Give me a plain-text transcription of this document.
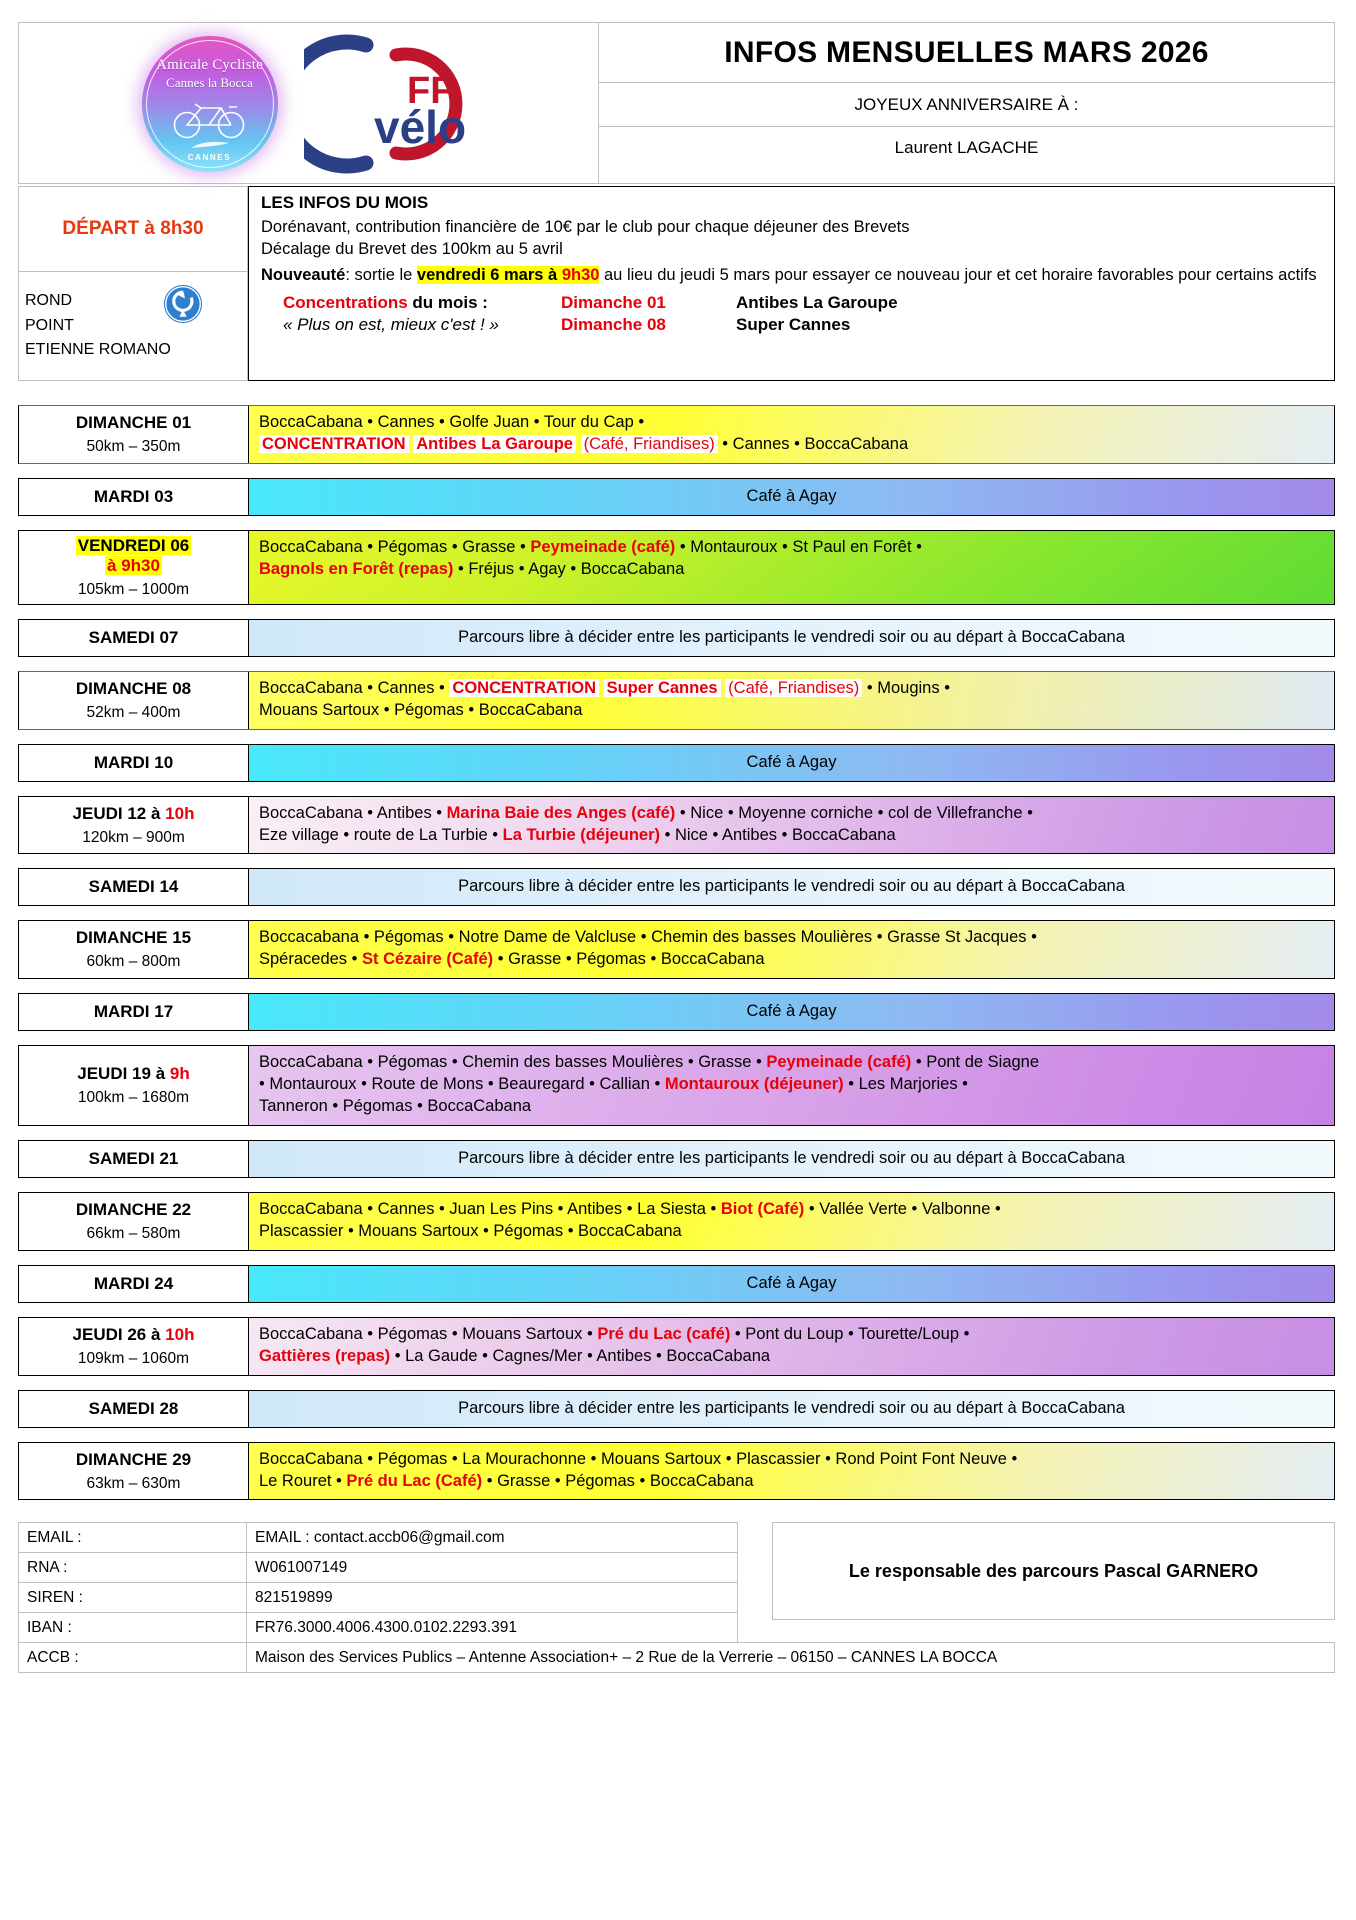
Amicale Cycliste
Cannes la Bocca
CANNES
FF
vélo
INFOS MENSUELLES MARS 2026
JOYEUX ANNIVERSAIRE À :
Laurent LAGACHE
DÉPART à 8h30
ROND
POINT
ETIENNE ROMANO
LES INFOS DU MOIS
Dorénavant, contribution financière de 10€ par le club pour chaque déjeuner des Brevets
Décalage du Brevet des 100km au 5 avril
Nouveauté: sortie le vendredi 6 mars à 9h30 au lieu du jeudi 5 mars pour essayer ce nouveau jour et cet horaire favorables pour certains actifs
Concentrations du mois :	Dimanche 01	Antibes La Garoupe
« Plus on est, mieux c'est ! »	Dimanche 08	Super Cannes
DIMANCHE 01
50km – 350m
BoccaCabana • Cannes • Golfe Juan • Tour du Cap •
CONCENTRATION Antibes La Garoupe (Café, Friandises) • Cannes • BoccaCabana
MARDI 03	Café à Agay
VENDREDI 06
à 9h30
105km – 1000m
BoccaCabana • Pégomas • Grasse • Peymeinade (café) • Montauroux • St Paul en Forêt •
Bagnols en Forêt (repas) • Fréjus • Agay • BoccaCabana
SAMEDI 07	Parcours libre à décider entre les participants le vendredi soir ou au départ à BoccaCabana
DIMANCHE 08
52km – 400m
BoccaCabana • Cannes • CONCENTRATION Super Cannes (Café, Friandises) • Mougins •
Mouans Sartoux • Pégomas • BoccaCabana
MARDI 10	Café à Agay
JEUDI 12 à 10h
120km – 900m
BoccaCabana • Antibes • Marina Baie des Anges (café) • Nice • Moyenne corniche • col de Villefranche •
Eze village • route de La Turbie • La Turbie (déjeuner) • Nice • Antibes • BoccaCabana
SAMEDI 14	Parcours libre à décider entre les participants le vendredi soir ou au départ à BoccaCabana
DIMANCHE 15
60km – 800m
Boccacabana • Pégomas • Notre Dame de Valcluse • Chemin des basses Moulières • Grasse St Jacques •
Spéracedes • St Cézaire (Café) • Grasse • Pégomas • BoccaCabana
MARDI 17	Café à Agay
JEUDI 19 à 9h
100km – 1680m
BoccaCabana • Pégomas • Chemin des basses Moulières • Grasse • Peymeinade (café) • Pont de Siagne
• Montauroux • Route de Mons • Beauregard • Callian • Montauroux (déjeuner) • Les Marjories •
Tanneron • Pégomas • BoccaCabana
SAMEDI 21	Parcours libre à décider entre les participants le vendredi soir ou au départ à BoccaCabana
DIMANCHE 22
66km – 580m
BoccaCabana • Cannes • Juan Les Pins • Antibes • La Siesta • Biot (Café) • Vallée Verte • Valbonne •
Plascassier • Mouans Sartoux • Pégomas • BoccaCabana
MARDI 24	Café à Agay
JEUDI 26 à 10h
109km – 1060m
BoccaCabana • Pégomas • Mouans Sartoux • Pré du Lac (café) • Pont du Loup • Tourette/Loup •
Gattières (repas) • La Gaude • Cagnes/Mer • Antibes • BoccaCabana
SAMEDI 28	Parcours libre à décider entre les participants le vendredi soir ou au départ à BoccaCabana
DIMANCHE 29
63km – 630m
BoccaCabana • Pégomas • La Mourachonne • Mouans Sartoux • Plascassier • Rond Point Font Neuve •
Le Rouret • Pré du Lac (Café) • Grasse • Pégomas • BoccaCabana
EMAIL :	EMAIL : contact.accb06@gmail.com
RNA :	W061007149
SIREN :	821519899
IBAN :	FR76.3000.4006.4300.0102.2293.391
Le responsable des parcours Pascal GARNERO
ACCB :	Maison des Services Publics – Antenne Association+ – 2 Rue de la Verrerie – 06150 – CANNES LA BOCCA
